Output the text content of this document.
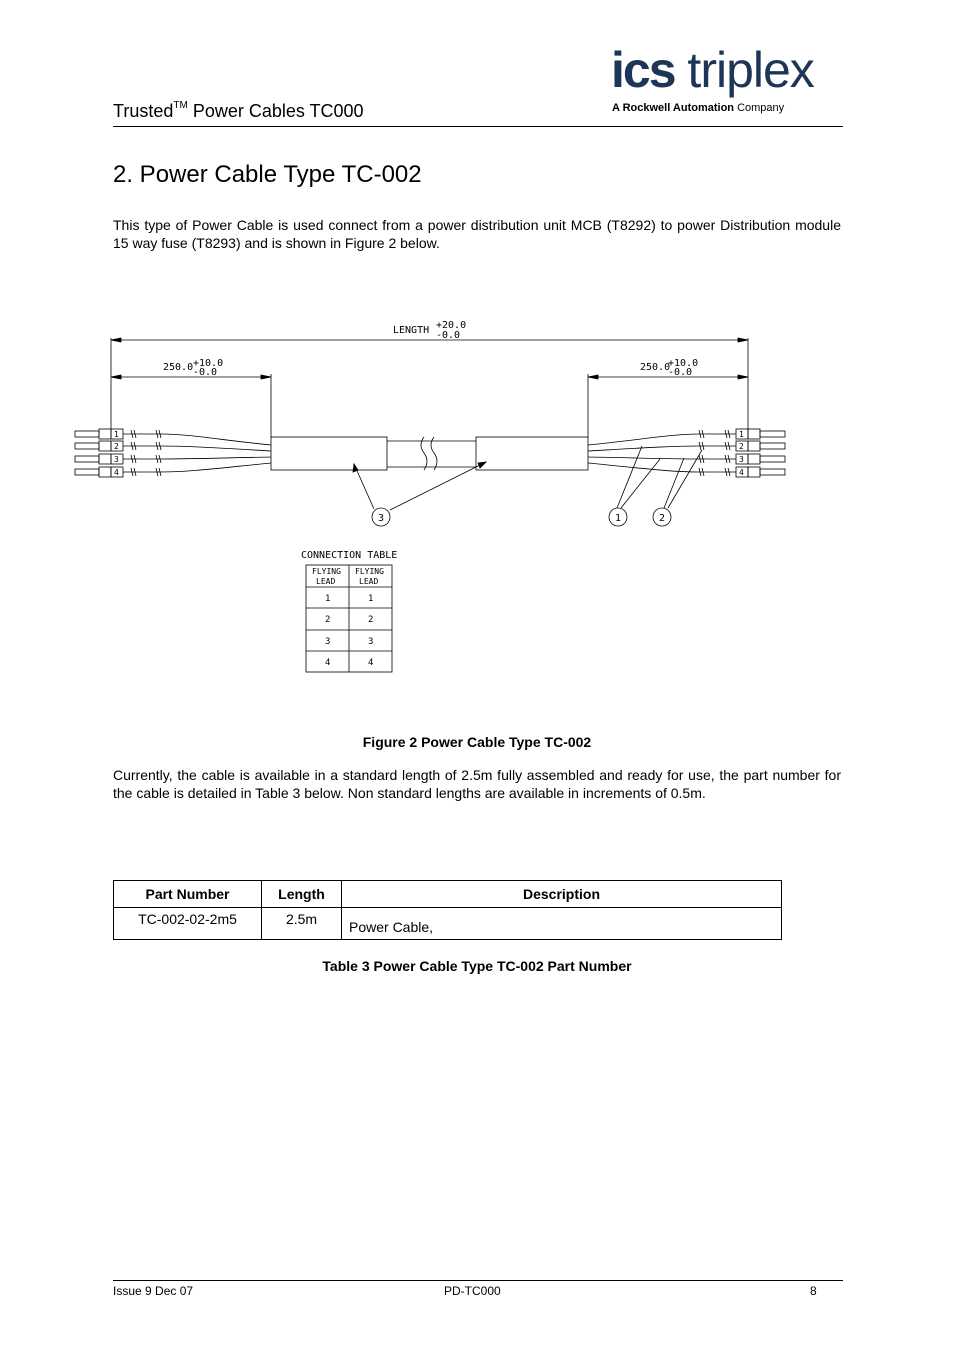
Trusted™ Power Cables TC000
ics triplex
A Rockwell Automation Company
2. Power Cable Type TC-002
This type of Power Cable is used connect from a power distribution unit MCB (T8292) to power Distribution module 15 way fuse (T8293) and is shown in Figure 2 below.
LENGTH +20.0
-0.0
250.0 +10.0
-0.0	250.0
+10.0
-0.0
1
2
3
4
1
2
3
4
3	1	2
CONNECTION TABLE
FLYING
LEAD
FLYING
LEAD
1	1
2	2
3	3
4	4
Figure 2 Power Cable Type TC-002
Currently, the cable is available in a standard length of 2.5m fully assembled and ready for use, the part number for the cable is detailed in Table 3 below. Non standard lengths are available in increments of 0.5m.
Part Number	Length	Description
TC-002-02-2m5	2.5m	Power Cable,
Table 3 Power Cable Type TC-002 Part Number
Issue 9 Dec 07	PD-TC000	8
